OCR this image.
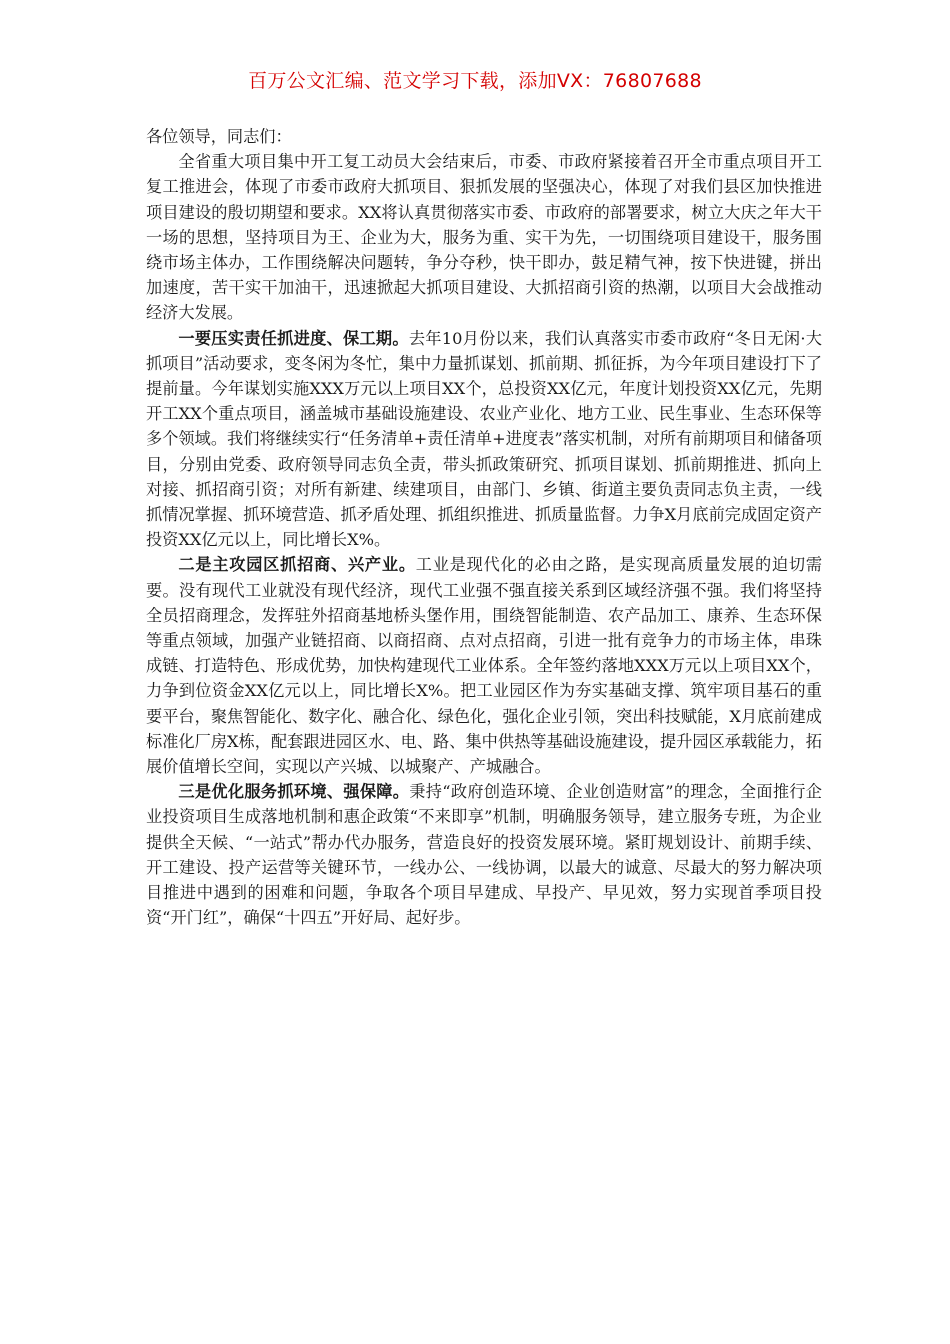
百万公文汇编、范文学习下载，添加VX：76807688

各位领导，同志们：

全省重大项目集中开工复工动员大会结束后，市委、市政府紧接着召开全市重点项目开工复工推进会，体现了市委市政府大抓项目、狠抓发展的坚强决心，体现了对我们县区加快推进项目建设的殷切期望和要求。XX将认真贯彻落实市委、市政府的部署要求，树立大庆之年大干一场的思想，坚持项目为王、企业为大，服务为重、实干为先，一切围绕项目建设干，服务围绕市场主体办，工作围绕解决问题转，争分夺秒，快干即办，鼓足精气神，按下快进键，拼出加速度，苦干实干加油干，迅速掀起大抓项目建设、大抓招商引资的热潮，以项目大会战推动经济大发展。

一要压实责任抓进度、保工期。去年10月份以来，我们认真落实市委市政府“冬日无闲·大抓项目”活动要求，变冬闲为冬忙，集中力量抓谋划、抓前期、抓征拆，为今年项目建设打下了提前量。今年谋划实施XXX万元以上项目XX个，总投资XX亿元，年度计划投资XX亿元，先期开工XX个重点项目，涵盖城市基础设施建设、农业产业化、地方工业、民生事业、生态环保等多个领域。我们将继续实行“任务清单+责任清单+进度表”落实机制，对所有前期项目和储备项目，分别由党委、政府领导同志负全责，带头抓政策研究、抓项目谋划、抓前期推进、抓向上对接、抓招商引资；对所有新建、续建项目，由部门、乡镇、街道主要负责同志负主责，一线抓情况掌握、抓环境营造、抓矛盾处理、抓组织推进、抓质量监督。力争X月底前完成固定资产投资XX亿元以上，同比增长X%。

二是主攻园区抓招商、兴产业。工业是现代化的必由之路，是实现高质量发展的迫切需要。没有现代工业就没有现代经济，现代工业强不强直接关系到区域经济强不强。我们将坚持全员招商理念，发挥驻外招商基地桥头堡作用，围绕智能制造、农产品加工、康养、生态环保等重点领域，加强产业链招商、以商招商、点对点招商，引进一批有竞争力的市场主体，串珠成链、打造特色、形成优势，加快构建现代工业体系。全年签约落地XXX万元以上项目XX个，力争到位资金XX亿元以上，同比增长X%。把工业园区作为夯实基础支撑、筑牢项目基石的重要平台，聚焦智能化、数字化、融合化、绿色化，强化企业引领，突出科技赋能，X月底前建成标准化厂房X栋，配套跟进园区水、电、路、集中供热等基础设施建设，提升园区承载能力，拓展价值增长空间，实现以产兴城、以城聚产、产城融合。

三是优化服务抓环境、强保障。秉持“政府创造环境、企业创造财富”的理念，全面推行企业投资项目生成落地机制和惠企政策“不来即享”机制，明确服务领导，建立服务专班，为企业提供全天候、“一站式”帮办代办服务，营造良好的投资发展环境。紧盯规划设计、前期手续、开工建设、投产运营等关键环节，一线办公、一线协调，以最大的诚意、尽最大的努力解决项目推进中遇到的困难和问题，争取各个项目早建成、早投产、早见效，努力实现首季项目投资“开门红”，确保“十四五”开好局、起好步。
